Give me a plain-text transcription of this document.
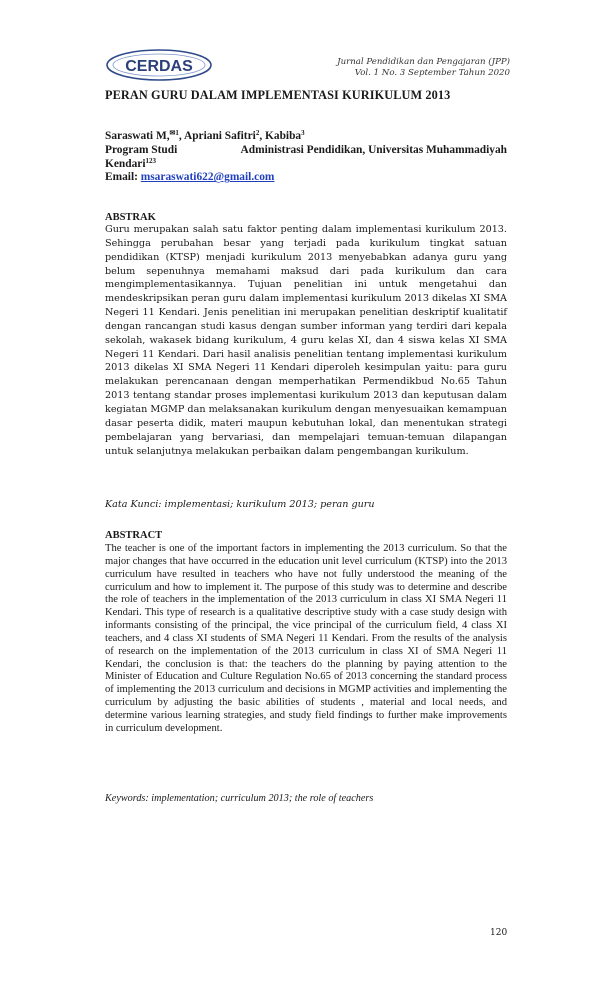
CERDAS	Jurnal Pendidikan dan Pengajaran (JPP)
Vol. 1 No. 3 September Tahun 2020
PERAN GURU DALAM IMPLEMENTASI KURIKULUM 2013
Saraswati M,$^{✉1}$, Apriani Safitri$^2$, Kabiba$^3$
Program Studi	Administrasi Pendidikan, Universitas Muhammadiyah
Kendari$^{123}$
Email: msaraswati622@gmail.com
ABSTRAK
Guru merupakan salah satu faktor penting dalam implementasi kurikulum 2013. Sehingga perubahan besar yang terjadi pada kurikulum tingkat satuan pendidikan (KTSP) menjadi kurikulum 2013 menyebabkan adanya guru yang belum sepenuhnya memahami maksud dari pada kurikulum dan cara mengimplementasikannya. Tujuan penelitian ini untuk mengetahui dan mendeskripsikan peran guru dalam implementasi kurikulum 2013 dikelas XI SMA Negeri 11 Kendari. Jenis penelitian ini merupakan penelitian deskriptif kualitatif dengan rancangan studi kasus dengan sumber informan yang terdiri dari kepala sekolah, wakasek bidang kurikulum, 4 guru kelas XI, dan 4 siswa kelas XI SMA Negeri 11 Kendari. Dari hasil analisis penelitian tentang implementasi kurikulum 2013 dikelas XI SMA Negeri 11 Kendari diperoleh kesimpulan yaitu: para guru melakukan perencanaan dengan memperhatikan Permendikbud No.65 Tahun 2013 tentang standar proses implementasi kurikulum 2013 dan keputusan dalam kegiatan MGMP dan melaksanakan kurikulum dengan menyesuaikan kemampuan dasar peserta didik, materi maupun kebutuhan lokal, dan menentukan strategi pembelajaran yang bervariasi, dan mempelajari temuan-temuan dilapangan untuk selanjutnya melakukan perbaikan dalam pengembangan kurikulum.
Kata Kunci: implementasi; kurikulum 2013; peran guru
ABSTRACT
The teacher is one of the important factors in implementing the 2013 curriculum. So that the major changes that have occurred in the education unit level curriculum (KTSP) into the 2013 curriculum have resulted in teachers who have not fully understood the meaning of the curriculum and how to implement it. The purpose of this study was to determine and describe the role of teachers in the implementation of the 2013 curriculum in class XI SMA Negeri 11 Kendari. This type of research is a qualitative descriptive study with a case study design with informants consisting of the principal, the vice principal of the curriculum field, 4 class XI teachers, and 4 class XI students of SMA Negeri 11 Kendari. From the results of the analysis of research on the implementation of the 2013 curriculum in class XI of SMA Negeri 11 Kendari, the conclusion is that: the teachers do the planning by paying attention to the Minister of Education and Culture Regulation No.65 of 2013 concerning the standard process of implementing the 2013 curriculum and decisions in MGMP activities and implementing the curriculum by adjusting the basic abilities of students , material and local needs, and determine various learning strategies, and study field findings to further make improvements in curriculum development.
Keywords: implementation; curriculum 2013; the role of teachers
120
